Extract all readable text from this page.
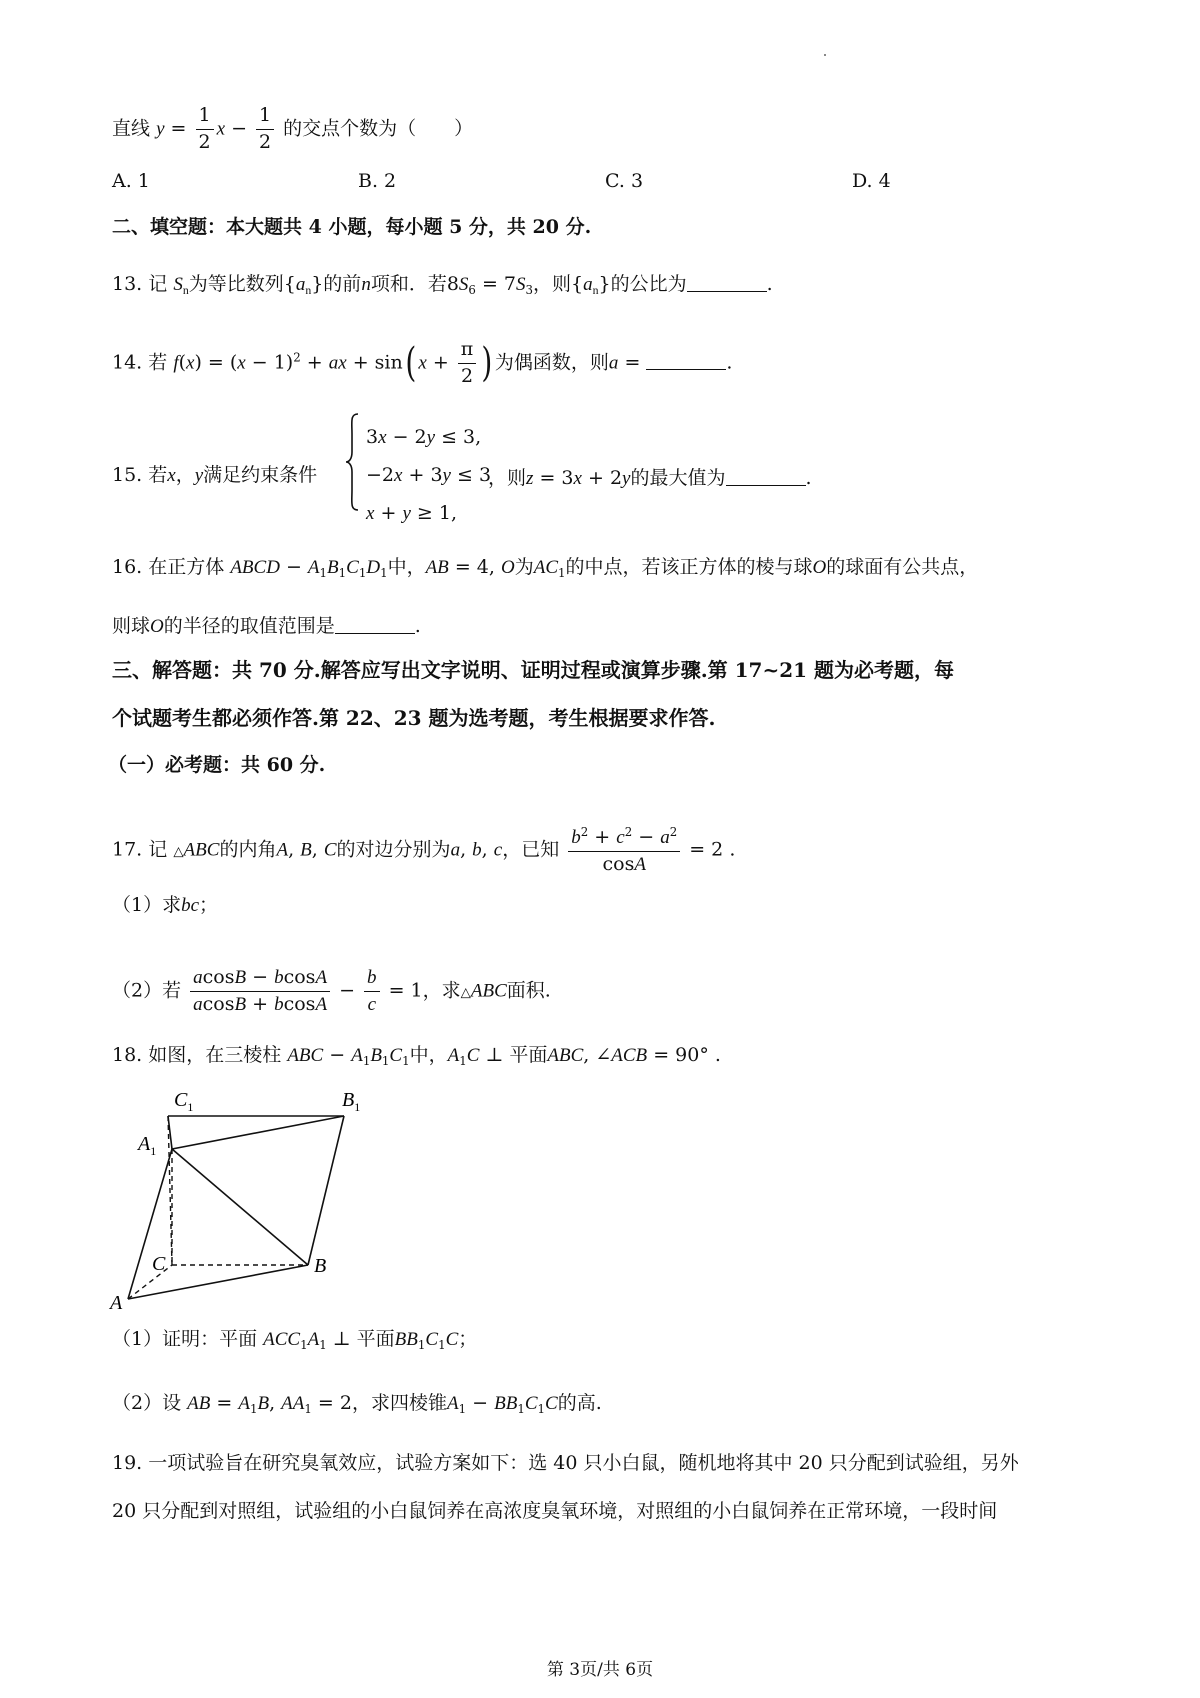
直线 $y = \frac{1}{2}$ $x - \frac{1}{2}$ 的交点个数为（　　）
A. 1	B. 2	C. 3	D. 4
二、填空题：本大题共 4 小题，每小题 5 分，共 20 分.
13. 记 $S_n$为等比数列$\{a_n\}$的前n项和．若$8S_6 = 7S_3$，则$\{a_n\}$的公比为	.
14. 若 $f(x) = (x - 1)^2$ + ax + sin( $x + \frac{\pi}{2}$ ) 为偶函数，则a =	.
15. 若x，y满足约束条件
3x − 2y ≤ 3,
−2x + 3y ≤ 3
x + y ≥ 1,
，则z = 3x + 2y的最大值为	.
16. 在正方体 ABCD − $A_1B_1C_1D_1$中，AB = 4, O为$AC_1$的中点，若该正方体的棱与球O的球面有公共点，
则球O的半径的取值范围是	.
三、解答题：共 70 分.解答应写出文字说明、证明过程或演算步骤.第 17~21 题为必考题，每
个试题考生都必须作答.第 22、23 题为选考题，考生根据要求作答.
（一）必考题：共 60 分.
17. 记 △ABC的内角A, B, C的对边分别为a, b, c，已知 $\frac{b^2 + c^2 - a^2}{\cos A} = 2$ .
（1）求bc；
（2）若 $\frac{acosB - bcosA}{acosB + bcosA} - \frac{b}{c} = 1$，求△ABC面积.
18. 如图，在三棱柱 ABC − $A_1B_1C_1$中，$A_1C$ ⊥ 平面ABC, ∠ACB = 90° .
$C_1$	$B_1$
$A_1$
C	B
A
（1）证明：平面 $ACC_1A_1$ ⊥ 平面$BB_1C_1C$；
（2）设 AB = $A_1B$, $AA_1 = 2$，求四棱锥$A_1 - BB_1C_1C$的高.
19. 一项试验旨在研究臭氧效应，试验方案如下：选 40 只小白鼠，随机地将其中 20 只分配到试验组，另外
20 只分配到对照组，试验组的小白鼠饲养在高浓度臭氧环境，对照组的小白鼠饲养在正常环境，一段时间
第 3页/共 6页
